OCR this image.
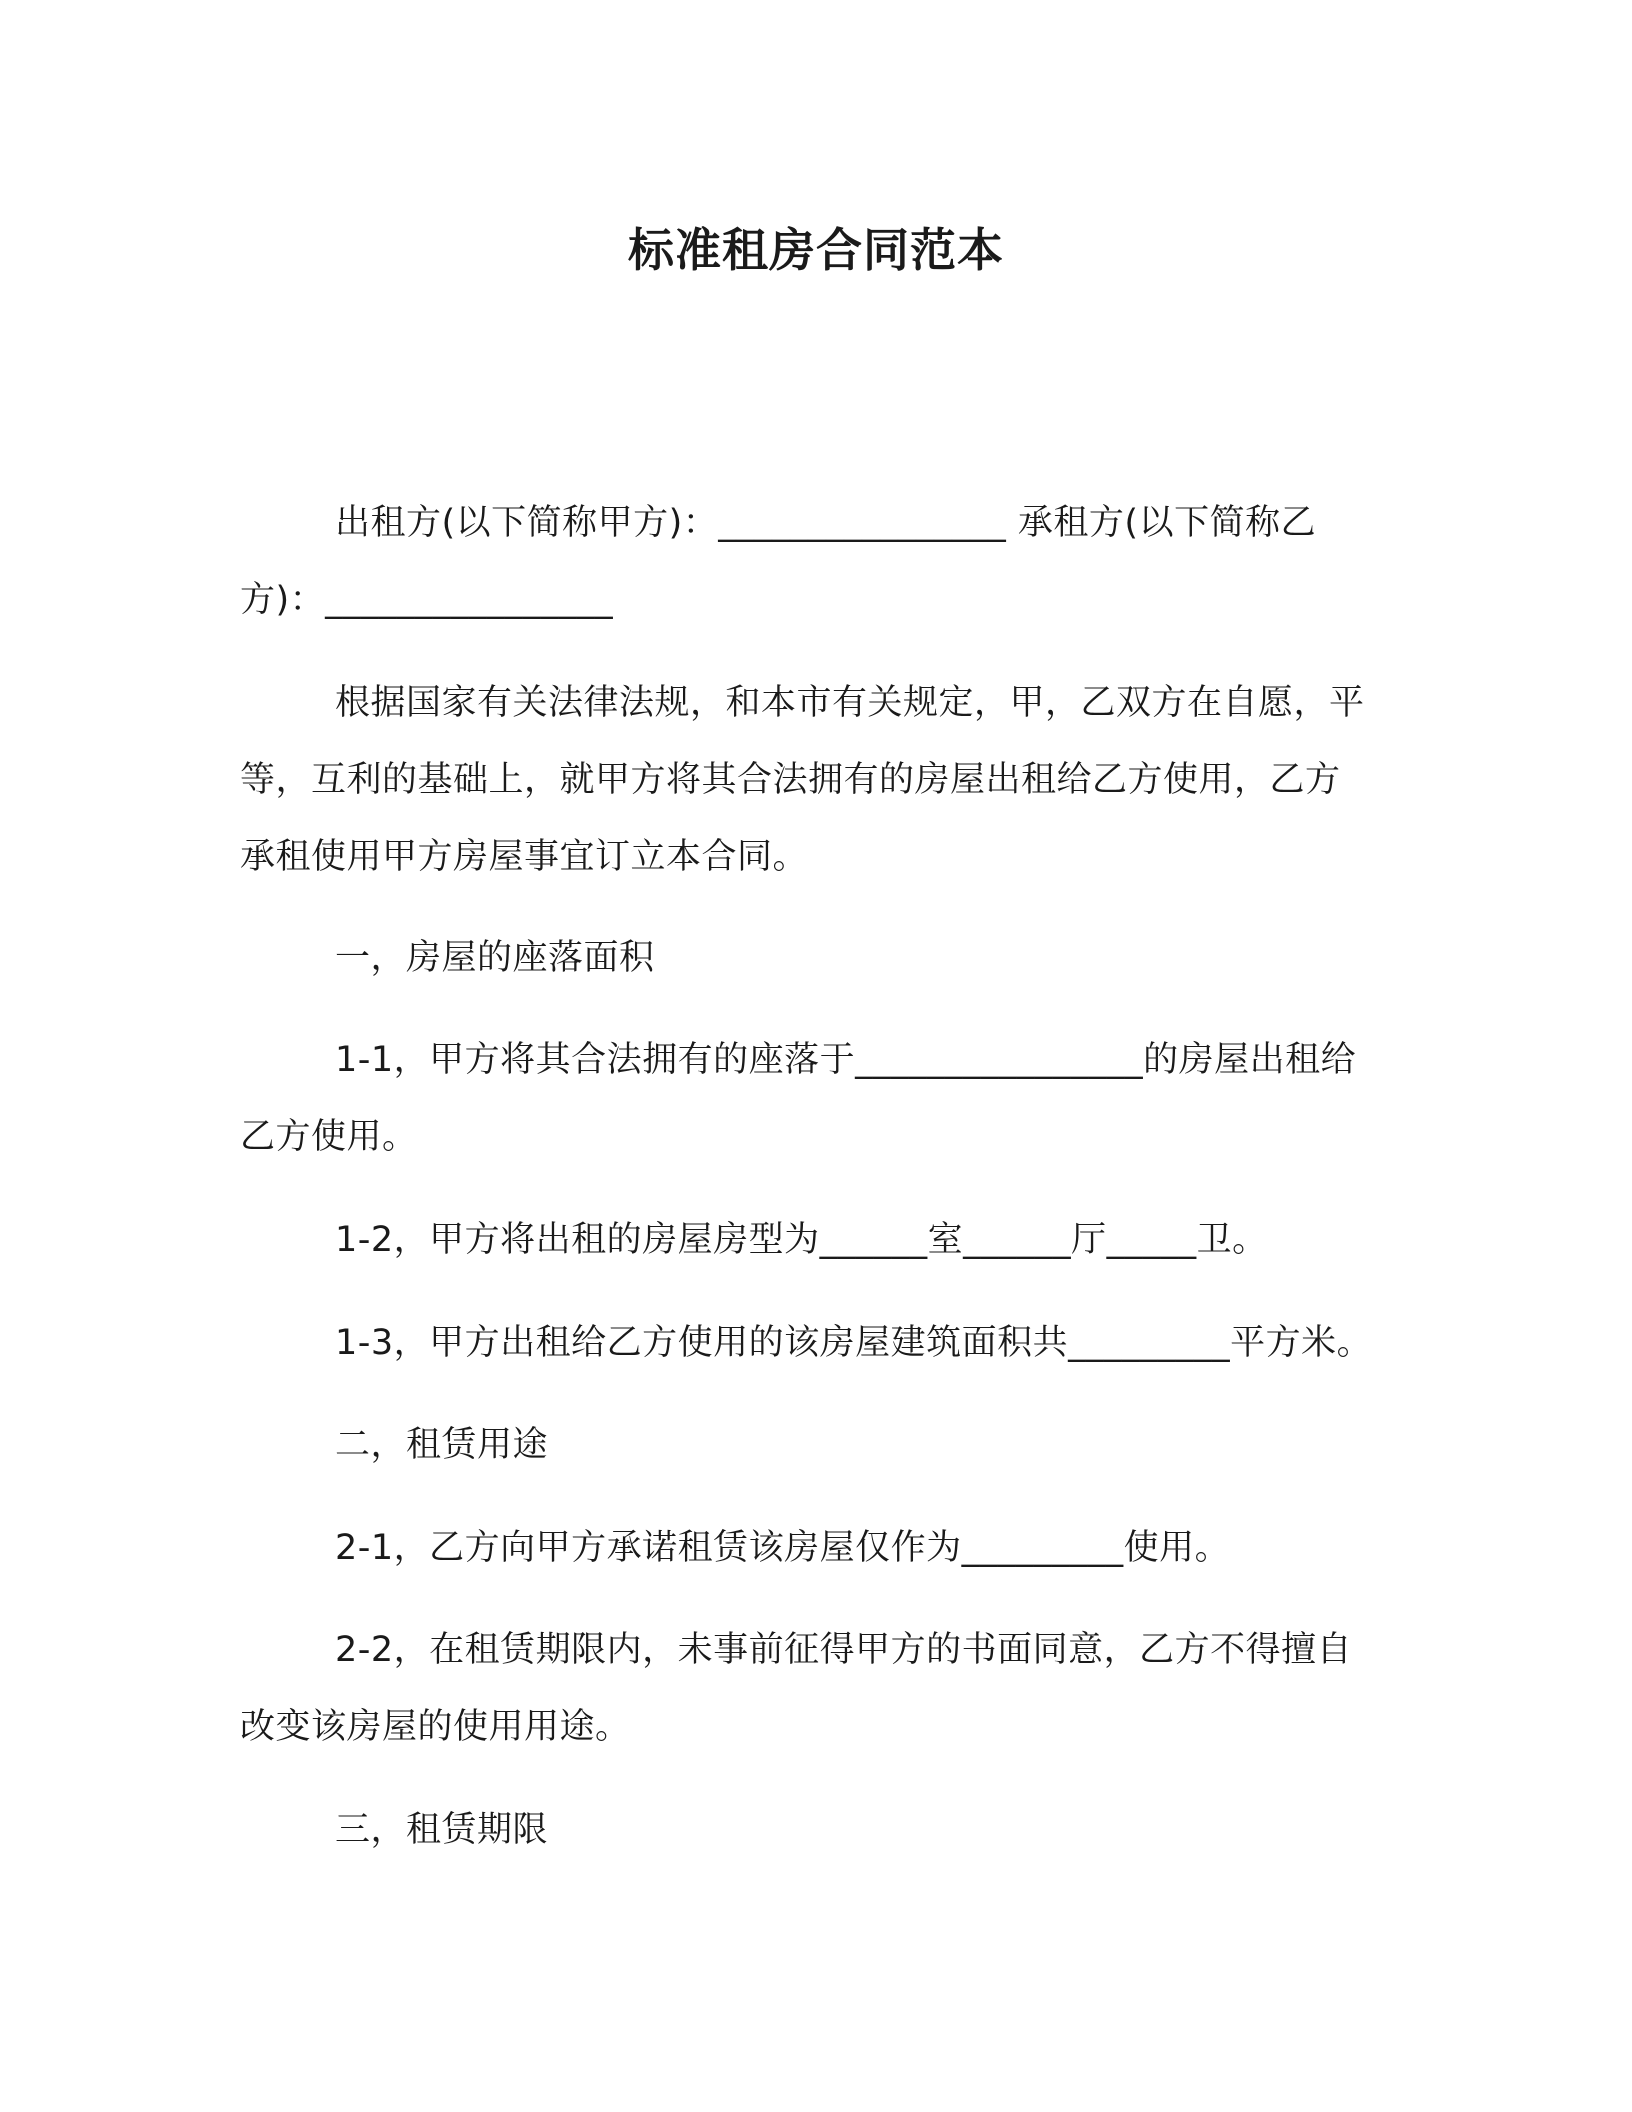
标准租房合同范本
出租方(以下简称甲方)：________________ 承租方(以下简称乙方)：________________
根据国家有关法律法规，和本市有关规定，甲，乙双方在自愿，平等，互利的基础上，就甲方将其合法拥有的房屋出租给乙方使用，乙方承租使用甲方房屋事宜订立本合同。
一，房屋的座落面积
1-1，甲方将其合法拥有的座落于________________的房屋出租给乙方使用。
1-2，甲方将出租的房屋房型为______室______厅_____卫。
1-3，甲方出租给乙方使用的该房屋建筑面积共_________平方米。
二，租赁用途
2-1，乙方向甲方承诺租赁该房屋仅作为_________使用。
2-2，在租赁期限内，未事前征得甲方的书面同意，乙方不得擅自改变该房屋的使用用途。
三，租赁期限
